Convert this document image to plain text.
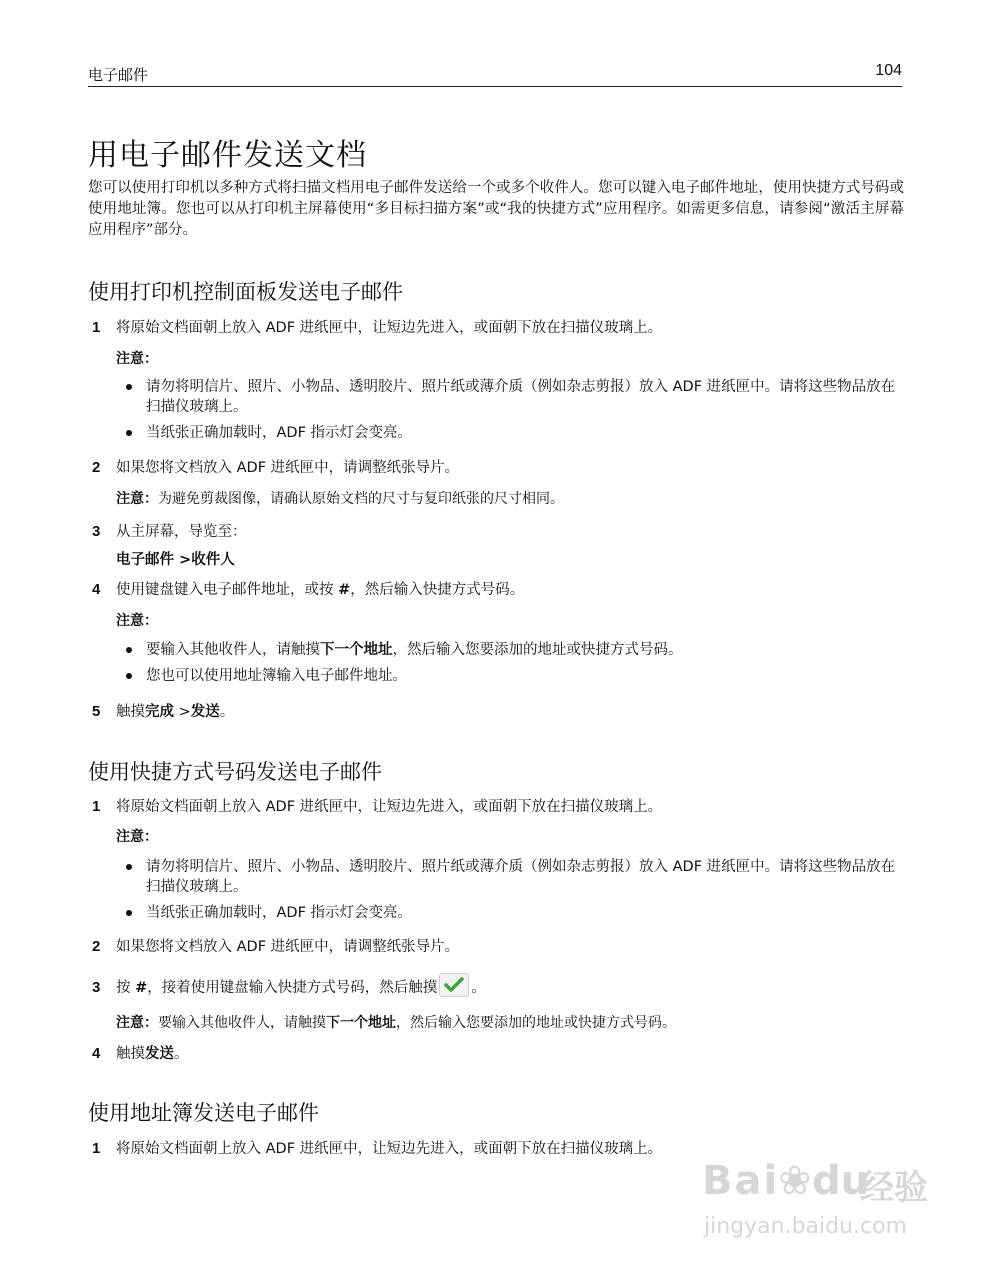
电子邮件	104
用电子邮件发送文档

您可以使用打印机以多种方式将扫描文档用电子邮件发送给一个或多个收件人。您可以键入电子邮件地址，使用快捷方式号码或使用地址簿。您也可以从打印机主屏幕使用“多目标扫描方案”或“我的快捷方式”应用程序。如需更多信息，请参阅“激活主屏幕应用程序”部分。

使用打印机控制面板发送电子邮件
1 将原始文档面朝上放入 ADF 进纸匣中，让短边先进入，或面朝下放在扫描仪玻璃上。
注意：
请勿将明信片、照片、小物品、透明胶片、照片纸或薄介质（例如杂志剪报）放入 ADF 进纸匣中。请将这些物品放在扫描仪玻璃上。
当纸张正确加载时，ADF 指示灯会变亮。
2 如果您将文档放入 ADF 进纸匣中，请调整纸张导片。
注意：为避免剪裁图像，请确认原始文档的尺寸与复印纸张的尺寸相同。
3 从主屏幕，导览至：
电子邮件 >收件人
4 使用键盘键入电子邮件地址，或按 #，然后输入快捷方式号码。
注意：
要输入其他收件人，请触摸下一个地址，然后输入您要添加的地址或快捷方式号码。
您也可以使用地址簿输入电子邮件地址。
5 触摸完成 >发送。
使用快捷方式号码发送电子邮件
1 将原始文档面朝上放入 ADF 进纸匣中，让短边先进入，或面朝下放在扫描仪玻璃上。
注意：
请勿将明信片、照片、小物品、透明胶片、照片纸或薄介质（例如杂志剪报）放入 ADF 进纸匣中。请将这些物品放在扫描仪玻璃上。
当纸张正确加载时，ADF 指示灯会变亮。
2 如果您将文档放入 ADF 进纸匣中，请调整纸张导片。
3 按 #，接着使用键盘输入快捷方式号码，然后触摸 。
注意：要输入其他收件人，请触摸下一个地址，然后输入您要添加的地址或快捷方式号码。
4 触摸发送。
使用地址簿发送电子邮件
1 将原始文档面朝上放入 ADF 进纸匣中，让短边先进入，或面朝下放在扫描仪玻璃上。
Bai
❀ du
经验
jingyan.baidu.com
